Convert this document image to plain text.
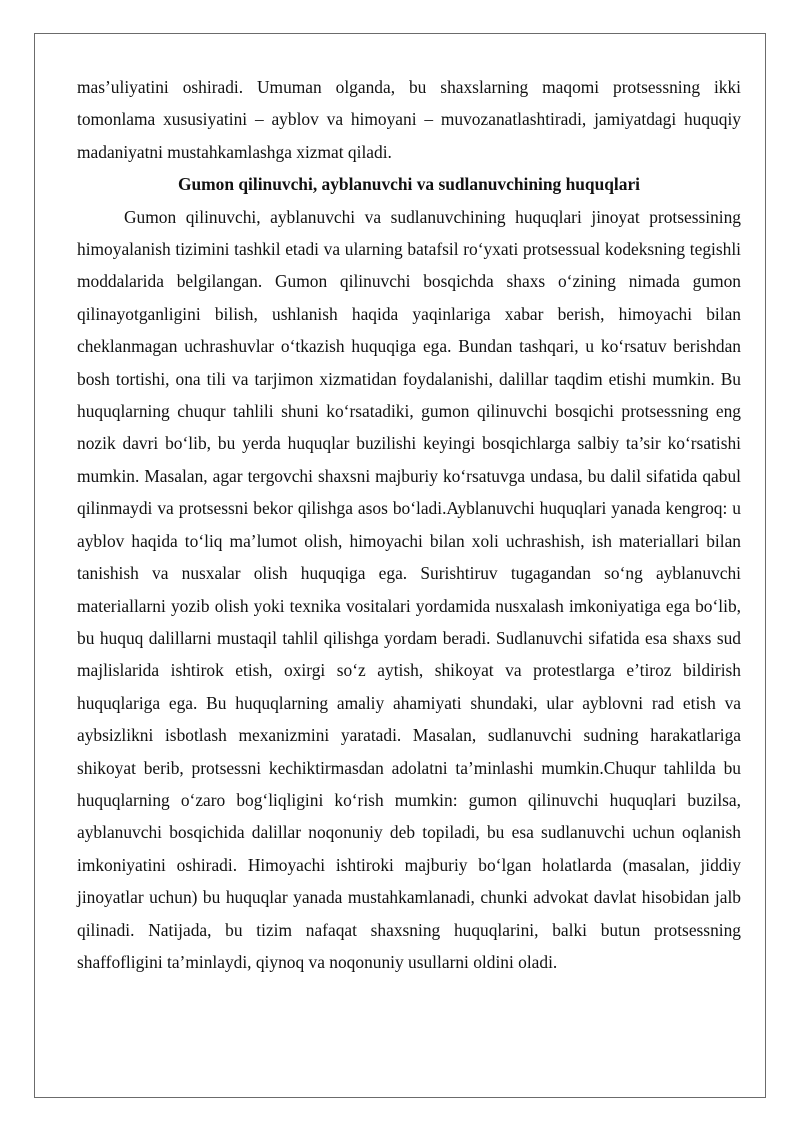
mas’uliyatini oshiradi. Umuman olganda, bu shaxslarning maqomi protsessning ikki tomonlama xususiyatini – ayblov va himoyani – muvozanatlashtiradi, jamiyatdagi huquqiy madaniyatni mustahkamlashga xizmat qiladi.

Gumon qilinuvchi, ayblanuvchi va sudlanuvchining huquqlari

Gumon qilinuvchi, ayblanuvchi va sudlanuvchining huquqlari jinoyat protsessining himoyalanish tizimini tashkil etadi va ularning batafsil ro‘yxati protsessual kodeksning tegishli moddalarida belgilangan. Gumon qilinuvchi bosqichda shaxs o‘zining nimada gumon qilinayotganligini bilish, ushlanish haqida yaqinlariga xabar berish, himoyachi bilan cheklanmagan uchrashuvlar o‘tkazish huquqiga ega. Bundan tashqari, u ko‘rsatuv berishdan bosh tortishi, ona tili va tarjimon xizmatidan foydalanishi, dalillar taqdim etishi mumkin. Bu huquqlarning chuqur tahlili shuni ko‘rsatadiki, gumon qilinuvchi bosqichi protsessning eng nozik davri bo‘lib, bu yerda huquqlar buzilishi keyingi bosqichlarga salbiy ta’sir ko‘rsatishi mumkin. Masalan, agar tergovchi shaxsni majburiy ko‘rsatuvga undasa, bu dalil sifatida qabul qilinmaydi va protsessni bekor qilishga asos bo‘ladi.Ayblanuvchi huquqlari yanada kengroq: u ayblov haqida to‘liq ma’lumot olish, himoyachi bilan xoli uchrashish, ish materiallari bilan tanishish va nusxalar olish huquqiga ega. Surishtiruv tugagandan so‘ng ayblanuvchi materiallarni yozib olish yoki texnika vositalari yordamida nusxalash imkoniyatiga ega bo‘lib, bu huquq dalillarni mustaqil tahlil qilishga yordam beradi. Sudlanuvchi sifatida esa shaxs sud majlislarida ishtirok etish, oxirgi so‘z aytish, shikoyat va protestlarga e’tiroz bildirish huquqlariga ega. Bu huquqlarning amaliy ahamiyati shundaki, ular ayblovni rad etish va aybsizlikni isbotlash mexanizmini yaratadi. Masalan, sudlanuvchi sudning harakatlariga shikoyat berib, protsessni kechiktirmasdan adolatni ta’minlashi mumkin.Chuqur tahlilda bu huquqlarning o‘zaro bog‘liqligini ko‘rish mumkin: gumon qilinuvchi huquqlari buzilsa, ayblanuvchi bosqichida dalillar noqonuniy deb topiladi, bu esa sudlanuvchi uchun oqlanish imkoniyatini oshiradi. Himoyachi ishtiroki majburiy bo‘lgan holatlarda (masalan, jiddiy jinoyatlar uchun) bu huquqlar yanada mustahkamlanadi, chunki advokat davlat hisobidan jalb qilinadi. Natijada, bu tizim nafaqat shaxsning huquqlarini, balki butun protsessning shaffofligini ta’minlaydi, qiynoq va noqonuniy usullarni oldini oladi.
